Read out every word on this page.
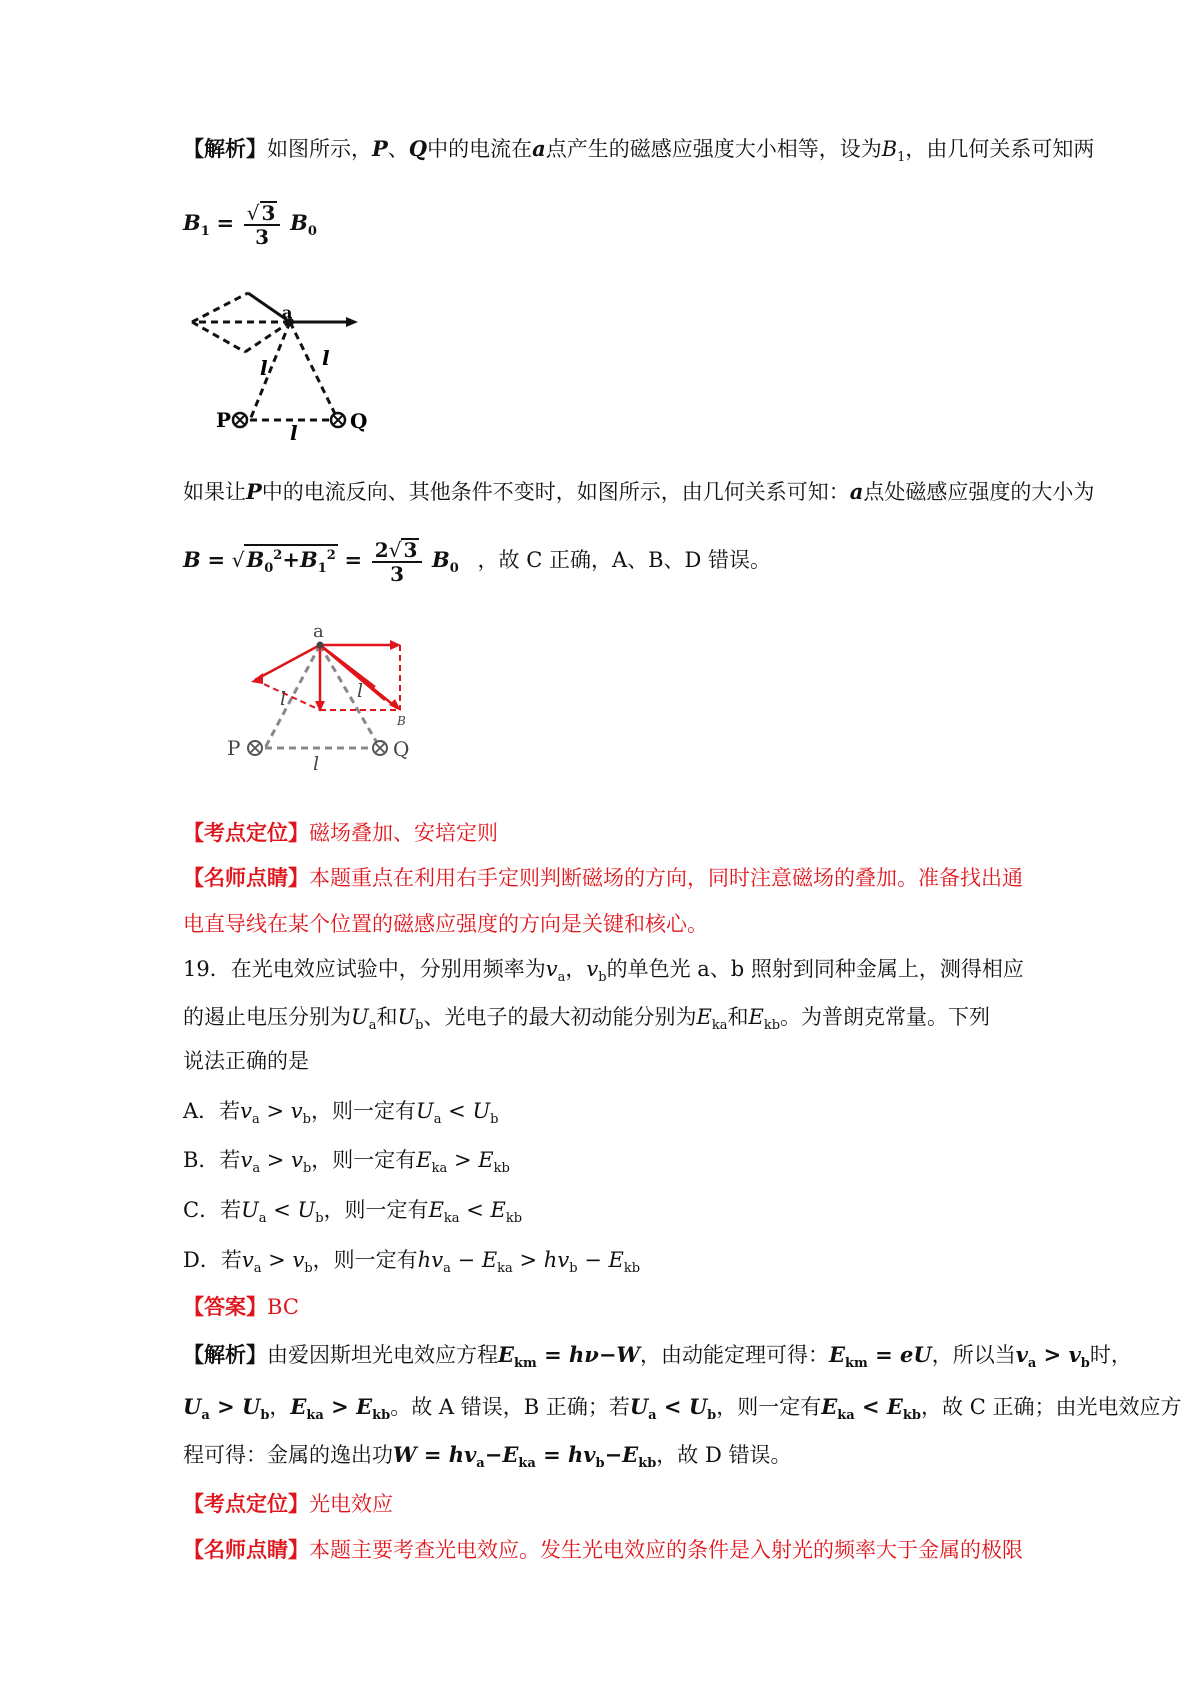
【解析】如图所示，P、Q中的电流在a点产生的磁感应强度大小相等，设为$B_1$，由几何关系可知两
$B_1 = \frac{√ 3}{3} B_0$
a
l	l
l
P	Q
如果让P中的电流反向、其他条件不变时，如图所示，由几何关系可知：a点处磁感应强度的大小为
$B = √B_0^2+B_1^2 = \frac{2√ 3}{3} B_0$ ，故 C 正确，A、B、D 错误。
a
l	l
l
B
P	Q
【考点定位】磁场叠加、安培定则
【名师点睛】本题重点在利用右手定则判断磁场的方向，同时注意磁场的叠加。准备找出通
电直导线在某个位置的磁感应强度的方向是关键和核心。
19．在光电效应试验中，分别用频率为$v_a$，$v_b$的单色光 a、b 照射到同种金属上，测得相应
的遏止电压分别为$U_a$和$U_b$、光电子的最大初动能分别为$E_{ka}$和$E_{kb}$。为普朗克常量。下列
说法正确的是
A．若$v_a > v_b$，则一定有$U_a < U_b$
B．若$v_a > v_b$，则一定有$E_{ka} > E_{kb}$
C．若$U_a < U_b$，则一定有$E_{ka} < E_{kb}$
D．若$v_a > v_b$，则一定有$hv_a - E_{ka} > hv_b - E_{kb}$
【答案】BC
【解析】由爱因斯坦光电效应方程$E_{km} = h\nu-W$，由动能定理可得：$E_{km}$ = eU，所以当$v_a > v_b$时，
$U_a > U_b$，$E_{ka} > E_{kb}$。故 A 错误，B 正确；若$U_a < U_b$，则一定有$E_{ka} < E_{kb}$，故 C 正确；由光电效应方
程可得：金属的逸出功$W = hv_a-E_{ka} = hv_b-E_{kb}$，故 D 错误。
【考点定位】光电效应
【名师点睛】本题主要考查光电效应。发生光电效应的条件是入射光的频率大于金属的极限
